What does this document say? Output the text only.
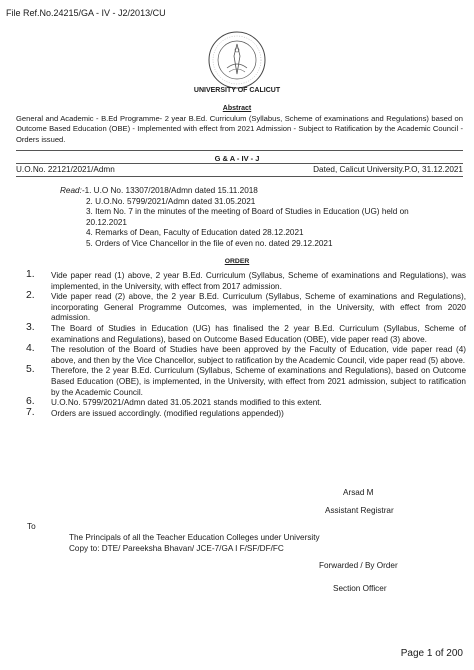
File Ref.No.24215/GA - IV - J2/2013/CU
UNIVERSITY OF CALICUT
Abstract
General and Academic - B.Ed Programme- 2 year B.Ed. Curriculum (Syllabus, Scheme of examinations and Regulations) based on Outcome Based Education (OBE) - Implemented with effect from 2021 Admission - Subject to Ratification by the Academic Council - Orders issued.
G & A - IV - J
U.O.No. 22121/2021/Admn	Dated, Calicut University.P.O, 31.12.2021
Read:-1. U.O No. 13307/2018/Admn dated 15.11.2018
2. U.O.No. 5799/2021/Admn dated 31.05.2021
3. Item No. 7 in the minutes of the meeting of Board of Studies in Education (UG) held on
20.12.2021
4. Remarks of Dean, Faculty of Education dated 28.12.2021
5. Orders of Vice Chancellor in the file of even no. dated 29.12.2021
ORDER
1. Vide paper read (1) above, 2 year B.Ed. Curriculum (Syllabus, Scheme of examinations and Regulations), was implemented, in the University, with effect from 2017 admission.
2. Vide paper read (2) above, the 2 year B.Ed. Curriculum (Syllabus, Scheme of examinations and Regulations), incorporating General Programme Outcomes, was implemented, in the University, with effect from 2020 admission.
3. The Board of Studies in Education (UG) has finalised the 2 year B.Ed. Curriculum (Syllabus, Scheme of examinations and Regulations), based on Outcome Based Education (OBE), vide paper read (3) above.
4. The resolution of the Board of Studies have been approved by the Faculty of Education, vide paper read (4) above, and then by the Vice Chancellor, subject to ratification by the Academic Council, vide paper read (5) above.
5. Therefore, the 2 year B.Ed. Curriculum (Syllabus, Scheme of examinations and Regulations), based on Outcome Based Education (OBE), is implemented, in the University, with effect from 2021 admission, subject to ratification by the Academic Council.
6. U.O.No. 5799/2021/Admn dated 31.05.2021 stands modified to this extent.
7. Orders are issued accordingly. (modified regulations appended))
Arsad M
Assistant Registrar
To
The Principals of all the Teacher Education Colleges under University
Copy to: DTE/ Pareeksha Bhavan/ JCE-7/GA I F/SF/DF/FC
Forwarded / By Order
Section Officer
Page 1 of 200
